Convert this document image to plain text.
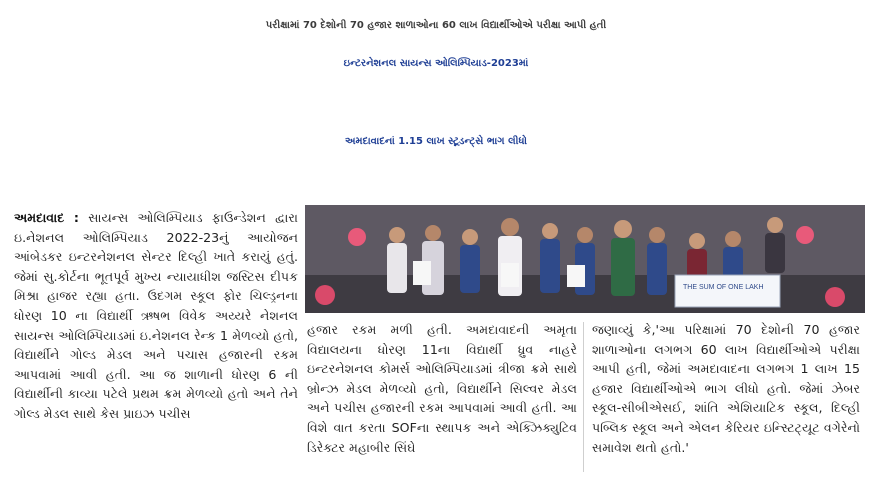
પરીક્ષામાં 70 દેશોની 70 હજાર શાળાઓના 60 લાખ વિદ્યાર્થીઓએ પરીક્ષા આપી હતી
ઇન્ટરનેશનલ સાયન્સ ઓલિમ્પિયાડ-2023માં
અમદાવાદનાં 1.15 લાખ સ્ટૂડન્ટ્સે ભાગ લીધો
અમદાવાદ : સાયન્સ ઓલિમ્પિયાડ ફાઉન્ડેશન દ્વારા ઇ.નેશનલ ઓલિમ્પિયાડ 2022-23નું આયોજન આંબેડકર ઇન્ટરનેશનલ સેન્ટર દિલ્હી ખાતે કરાયું હતું. જેમાં સુ.કોર્ટના ભૂતપૂર્વ મુખ્ય ન્યાયાધીશ જસ્ટિસ દીપક મિશ્રા હાજર રહ્યા હતા. ઉદગમ સ્કૂલ ફોર ચિલ્ડ્રનના ધોરણ 10 ના વિદ્યાર્થી ઋષભ વિવેક અય્યરે નેશનલ સાયન્સ ઓલિમ્પિયાડમાં ઇ.નેશનલ રેન્ક 1 મેળવ્યો હતો, વિદ્યાર્થીને ગોલ્ડ મેડલ અને પચાસ હજારની રકમ આપવામાં આવી હતી. આ જ શાળાની ધોરણ 6 ની વિદ્યાર્થીની કાવ્યા પટેલે પ્રથમ ક્રમ મેળવ્યો હતો અને તેને ગોલ્ડ મેડલ સાથે કેસ પ્રાઇઝ પચીસ
THE SUM OF ONE LAKH
હજાર રકમ મળી હતી. અમદાવાદની અમૃતા વિદ્યાલયના ધોરણ 11ના વિદ્યાર્થી ધ્રુવ નાહરે ઇન્ટરનેશનલ કોમર્સ ઓલિમ્પિયાડમાં ત્રીજા ક્રમે સાથે બ્રોન્ઝ મેડલ મેળવ્યો હતો, વિદ્યાર્થીને સિલ્વર મેડલ અને પચીસ હજારની રકમ આપવામાં આવી હતી. આ વિશે વાત કરતા SOFના સ્થાપક અને એક્ઝિક્યુટિવ ડિરેક્ટર મહાબીર સિંઘે
જણાવ્યું કે,'આ પરિક્ષામાં 70 દેશોની 70 હજાર શાળાઓના લગભગ 60 લાખ વિદ્યાર્થીઓએ પરીક્ષા આપી હતી, જેમાં અમદાવાદના લગભગ 1 લાખ 15 હજાર વિદ્યાર્થીઓએ ભાગ લીધો હતો. જેમાં ઝેબર સ્કૂલ-સીબીએસઈ, શાંતિ એશિયાટિક સ્કૂલ, દિલ્હી પબ્લિક સ્કૂલ અને એલન કેરિયર ઇન્સ્ટિટ્યૂટ વગેરેનો સમાવેશ થતો હતો.'
